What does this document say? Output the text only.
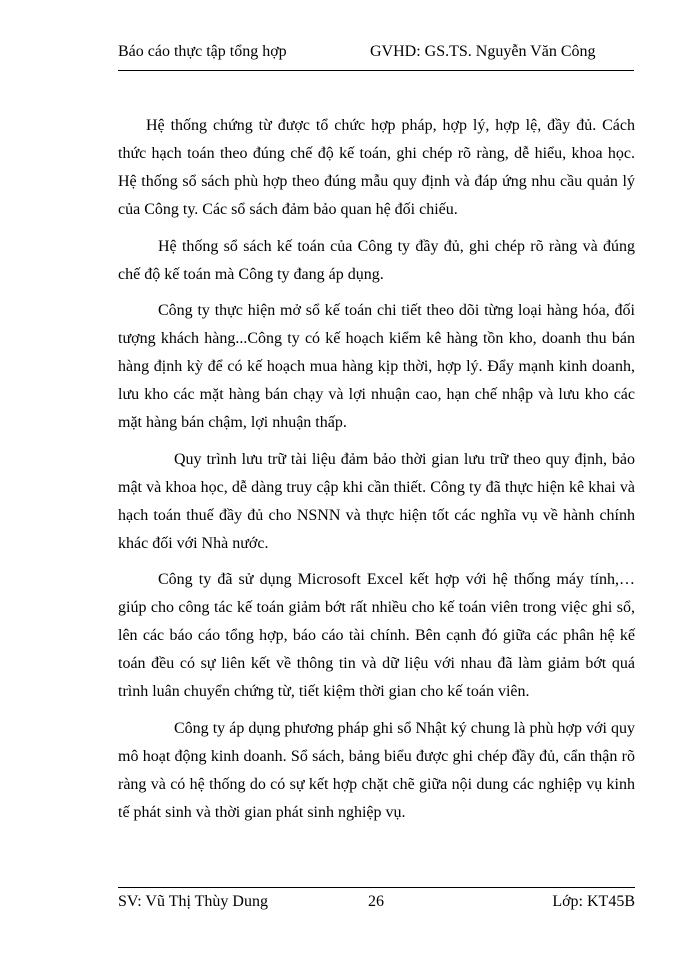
Báo cáo thực tập tổng hợp	GVHD: GS.TS. Nguyễn Văn Công

Hệ thống chứng từ được tổ chức hợp pháp, hợp lý, hợp lệ, đầy đủ. Cách thức hạch toán theo đúng chế độ kế toán, ghi chép rõ ràng, dễ hiểu, khoa học. Hệ thống sổ sách phù hợp theo đúng mẫu quy định và đáp ứng nhu cầu quản lý của Công ty. Các sổ sách đảm bảo quan hệ đối chiếu.

Hệ thống sổ sách kế toán của Công ty đầy đủ, ghi chép rõ ràng và đúng chế độ kế toán mà Công ty đang áp dụng.

Công ty thực hiện mở sổ kế toán chi tiết theo dõi từng loại hàng hóa, đối tượng khách hàng...Công ty có kế hoạch kiểm kê hàng tồn kho, doanh thu bán hàng định kỳ để có kế hoạch mua hàng kịp thời, hợp lý. Đẩy mạnh kinh doanh, lưu kho các mặt hàng bán chạy và lợi nhuận cao, hạn chế nhập và lưu kho các mặt hàng bán chậm, lợi nhuận thấp.

Quy trình lưu trữ tài liệu đảm bảo thời gian lưu trữ theo quy định, bảo mật và khoa học, dễ dàng truy cập khi cần thiết. Công ty đã thực hiện kê khai và hạch toán thuế đầy đủ cho NSNN và thực hiện tốt các nghĩa vụ về hành chính khác đối với Nhà nước.

Công ty đã sử dụng Microsoft Excel kết hợp với hệ thống máy tính,… giúp cho công tác kế toán giảm bớt rất nhiều cho kế toán viên trong việc ghi sổ, lên các báo cáo tổng hợp, báo cáo tài chính. Bên cạnh đó giữa các phân hệ kế toán đều có sự liên kết về thông tin và dữ liệu với nhau đã làm giảm bớt quá trình luân chuyển chứng từ, tiết kiệm thời gian cho kế toán viên.

Công ty áp dụng phương pháp ghi sổ Nhật ký chung là phù hợp với quy mô hoạt động kinh doanh. Sổ sách, bảng biểu được ghi chép đầy đủ, cẩn thận rõ ràng và có hệ thống do có sự kết hợp chặt chẽ giữa nội dung các nghiệp vụ kinh tế phát sinh và thời gian phát sinh nghiệp vụ.

SV: Vũ Thị Thùy Dung	26	Lớp: KT45B
